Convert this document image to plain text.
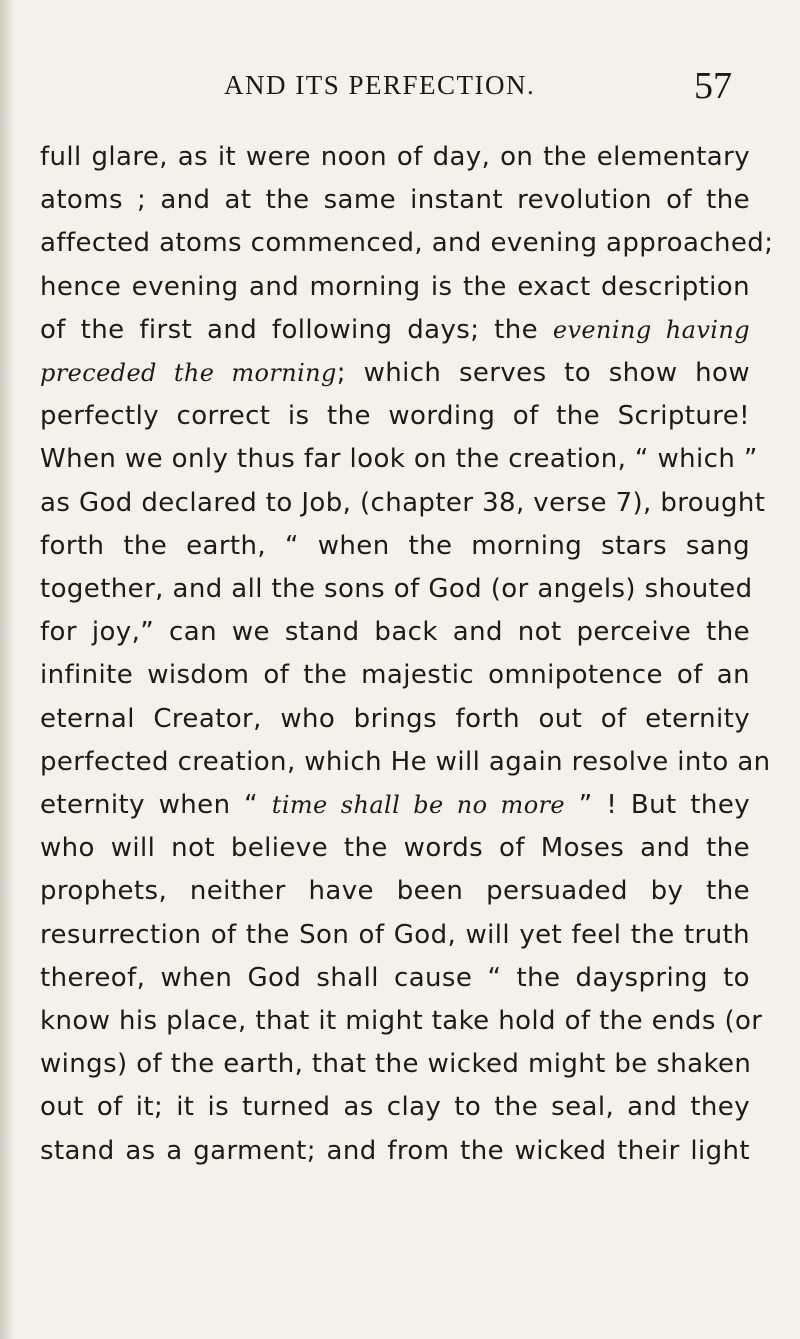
AND ITS PERFECTION.	57
full glare, as it were noon of day, on the elementary
atoms ; and at the same instant revolution of the
affected atoms commenced, and evening approached;
hence evening and morning is the exact description
of the first and following days; the evening having
preceded the morning; which serves to show how
perfectly correct is the wording of the Scripture!
When we only thus far look on the creation, “ which ”
as God declared to Job, (chapter 38, verse 7), brought
forth the earth, “ when the morning stars sang
together, and all the sons of God (or angels) shouted
for joy,” can we stand back and not perceive the
infinite wisdom of the majestic omnipotence of an
eternal Creator, who brings forth out of eternity
perfected creation, which He will again resolve into an
eternity when “ time shall be no more ” ! But they
who will not believe the words of Moses and the
prophets, neither have been persuaded by the
resurrection of the Son of God, will yet feel the truth
thereof, when God shall cause “ the dayspring to
know his place, that it might take hold of the ends (or
wings) of the earth, that the wicked might be shaken
out of it; it is turned as clay to the seal, and they
stand as a garment; and from the wicked their light
